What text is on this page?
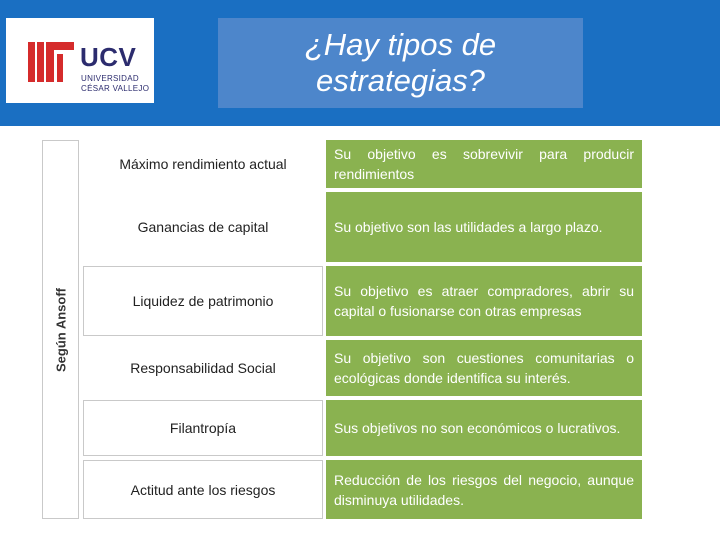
UCV
UNIVERSIDAD
CÉSAR VALLEJO
¿Hay tipos de estrategias?
Según Ansoff
Máximo rendimiento actual
Su objetivo es sobrevivir para producir rendimientos
Ganancias de capital	Su objetivo son las utilidades a largo plazo.
Liquidez de patrimonio
Su objetivo es atraer compradores, abrir su capital o fusionarse con otras empresas
Responsabilidad Social
Su objetivo son cuestiones comunitarias o ecológicas donde identifica su interés.
Filantropía	Sus objetivos no son económicos o lucrativos.
Actitud ante los riesgos
Reducción de los riesgos del negocio, aunque disminuya utilidades.
